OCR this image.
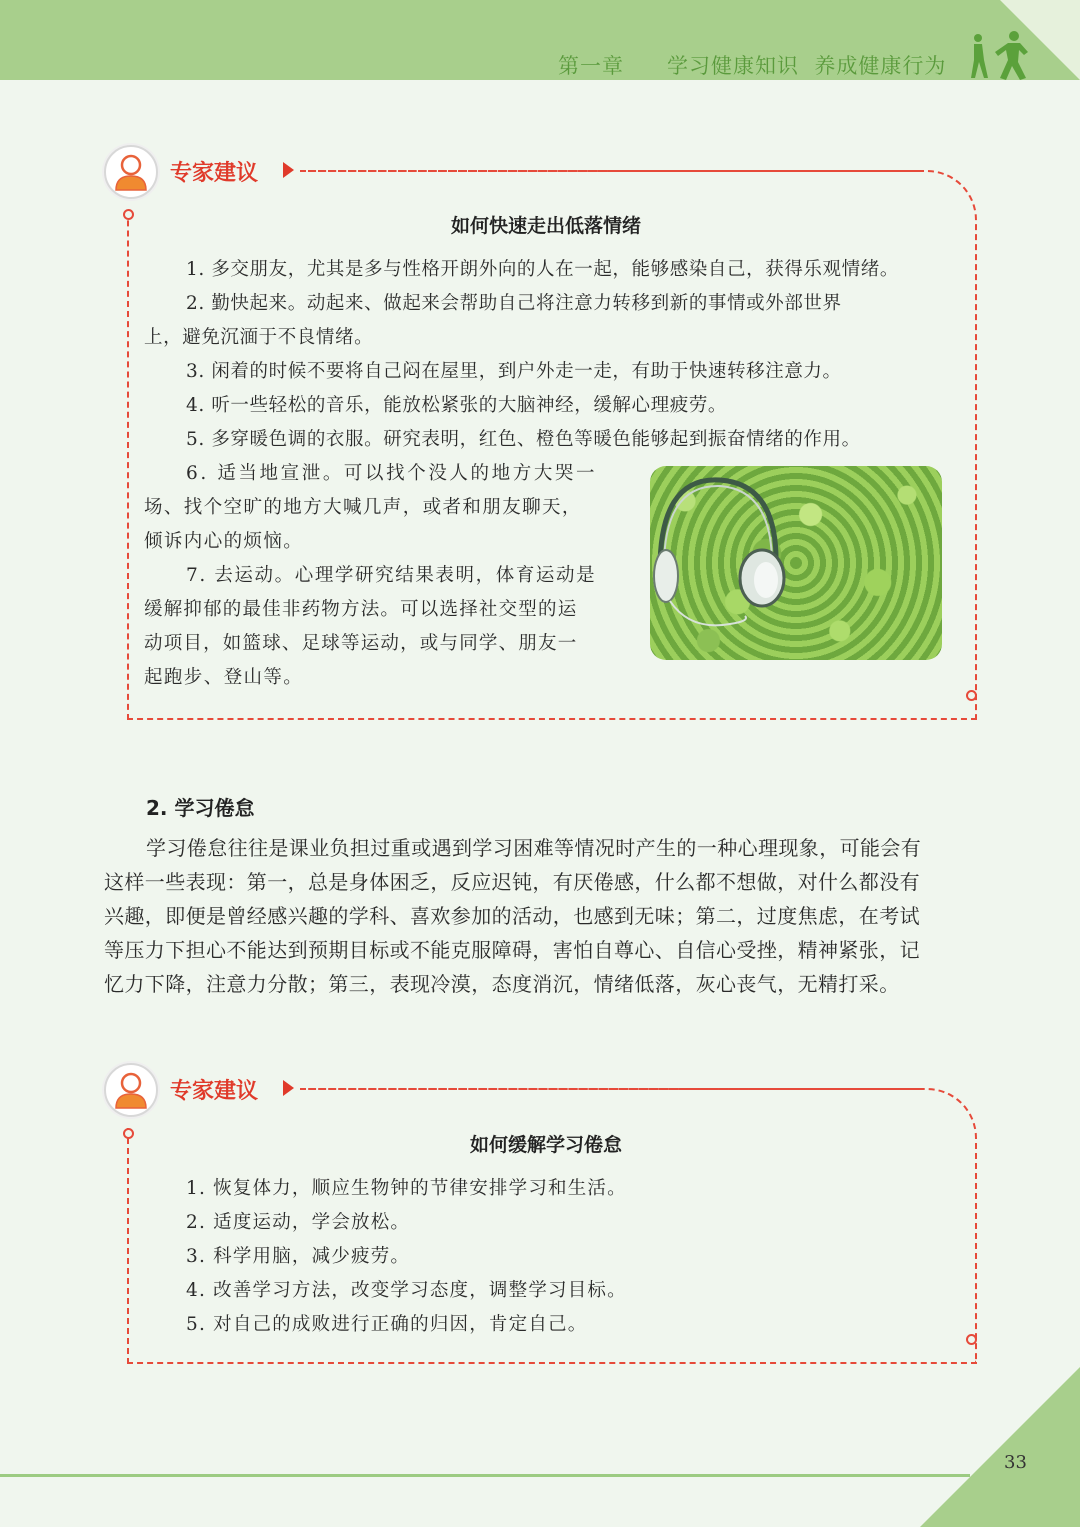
第一章 学习健康知识  养成健康行为
专家建议
如何快速走出低落情绪
1. 多交朋友，尤其是多与性格开朗外向的人在一起，能够感染自己，获得乐观情绪。
2. 勤快起来。动起来、做起来会帮助自己将注意力转移到新的事情或外部世界
上，避免沉湎于不良情绪。
3. 闲着的时候不要将自己闷在屋里，到户外走一走，有助于快速转移注意力。
4. 听一些轻松的音乐，能放松紧张的大脑神经，缓解心理疲劳。
5. 多穿暖色调的衣服。研究表明，红色、橙色等暖色能够起到振奋情绪的作用。
6. 适当地宣泄。可以找个没人的地方大哭一
场、找个空旷的地方大喊几声，或者和朋友聊天，
倾诉内心的烦恼。
7. 去运动。心理学研究结果表明，体育运动是
缓解抑郁的最佳非药物方法。可以选择社交型的运
动项目，如篮球、足球等运动，或与同学、朋友一
起跑步、登山等。
2. 学习倦怠
学习倦怠往往是课业负担过重或遇到学习困难等情况时产生的一种心理现象，可能会有
这样一些表现：第一，总是身体困乏，反应迟钝，有厌倦感，什么都不想做，对什么都没有
兴趣，即便是曾经感兴趣的学科、喜欢参加的活动，也感到无味；第二，过度焦虑，在考试
等压力下担心不能达到预期目标或不能克服障碍，害怕自尊心、自信心受挫，精神紧张，记
忆力下降，注意力分散；第三，表现冷漠，态度消沉，情绪低落，灰心丧气，无精打采。
专家建议
如何缓解学习倦怠
1. 恢复体力，顺应生物钟的节律安排学习和生活。
2. 适度运动，学会放松。
3. 科学用脑，减少疲劳。
4. 改善学习方法，改变学习态度，调整学习目标。
5. 对自己的成败进行正确的归因，肯定自己。
33
